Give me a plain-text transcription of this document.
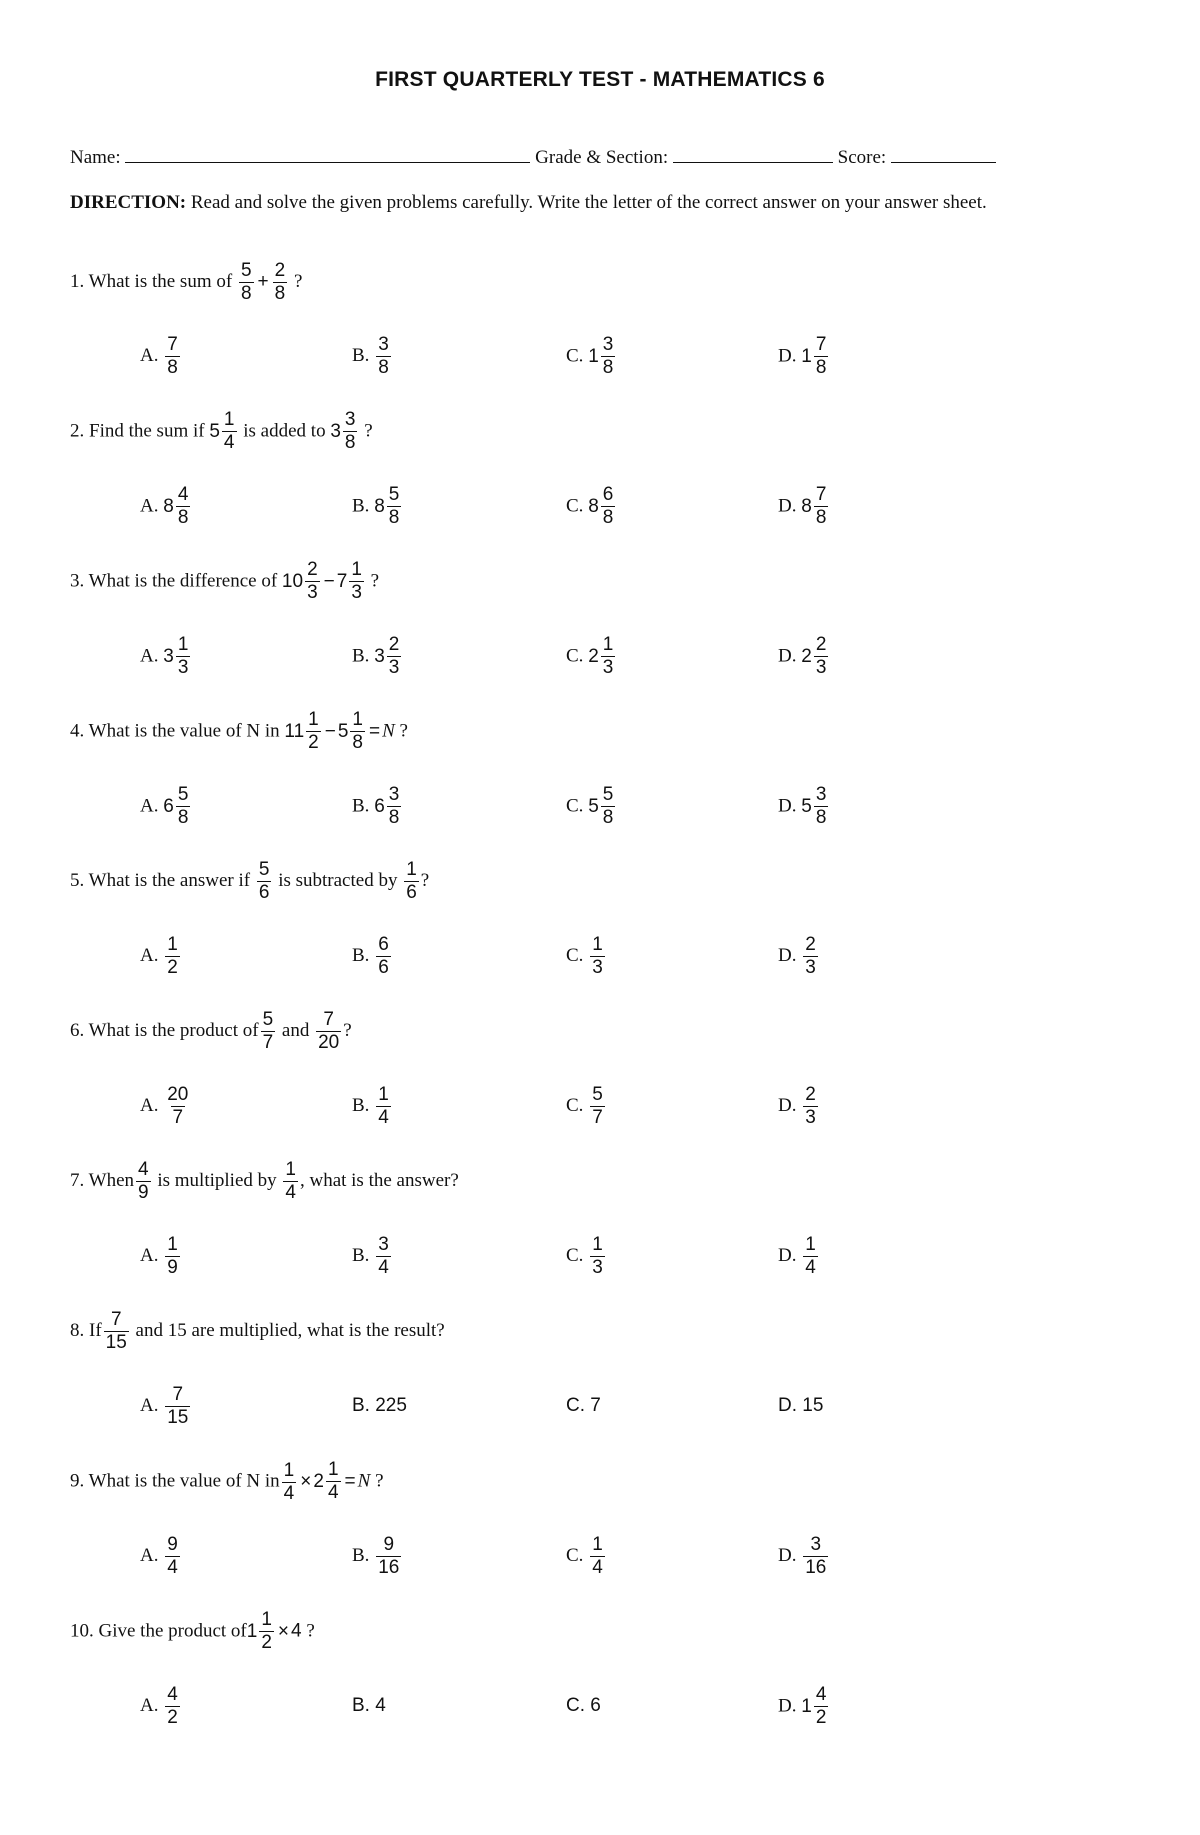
FIRST QUARTERLY TEST - MATHEMATICS 6
Name:	Grade & Section:	Score:
DIRECTION: Read and solve the given problems carefully. Write the letter of the correct answer on your answer sheet.
1. What is the sum of $\frac{5}{8} + \frac{2}{8}$ ?
A. $\frac{7}{8}$	B. $\frac{3}{8}$	C. $1 \frac{3}{8}$	D. $1 \frac{7}{8}$
2. Find the sum if $5 \frac{1}{4}$ is added to $3 \frac{3}{8}$ ?
A. $8 \frac{4}{8}$	B. $8 \frac{5}{8}$	C. $8 \frac{6}{8}$	D. $8 \frac{7}{8}$
3. What is the difference of $10 \frac{2}{3} - 7 \frac{1}{3}$ ?
A. $3 \frac{1}{3}$	B. $3 \frac{2}{3}$	C. $2 \frac{1}{3}$	D. $2 \frac{2}{3}$
4. What is the value of N in $11 \frac{1}{2} - 5 \frac{1}{8} = N$ ?
A. $6 \frac{5}{8}$	B. $6 \frac{3}{8}$	C. $5 \frac{5}{8}$	D. $5 \frac{3}{8}$
5. What is the answer if $\frac{5}{6}$ is subtracted by $\frac{1}{6}$ ?
A. $\frac{1}{2}$	B. $\frac{6}{6}$	C. $\frac{1}{3}$	D. $\frac{2}{3}$
6. What is the product of $\frac{5}{7}$ and $\frac{7}{20}$ ?
A. $\frac{20}{7}$	B. $\frac{1}{4}$	C. $\frac{5}{7}$	D. $\frac{2}{3}$
7. When $\frac{4}{9}$ is multiplied by $\frac{1}{4}$ , what is the answer?
A. $\frac{1}{9}$	B. $\frac{3}{4}$	C. $\frac{1}{3}$	D. $\frac{1}{4}$
8. If $\frac{7}{15}$ and 15 are multiplied, what is the result?
A. $\frac{7}{15}$	B. 225	C. 7	D. 15
9. What is the value of N in $\frac{1}{4} \times 2 \frac{1}{4} = N$ ?
A. $\frac{9}{4}$	B. $\frac{9}{16}$	C. $\frac{1}{4}$	D. $\frac{3}{16}$
10. Give the product of $1 \frac{1}{2} \times 4$ ?
A. $\frac{4}{2}$	B. 4	C. 6	D. $1 \frac{4}{2}$
